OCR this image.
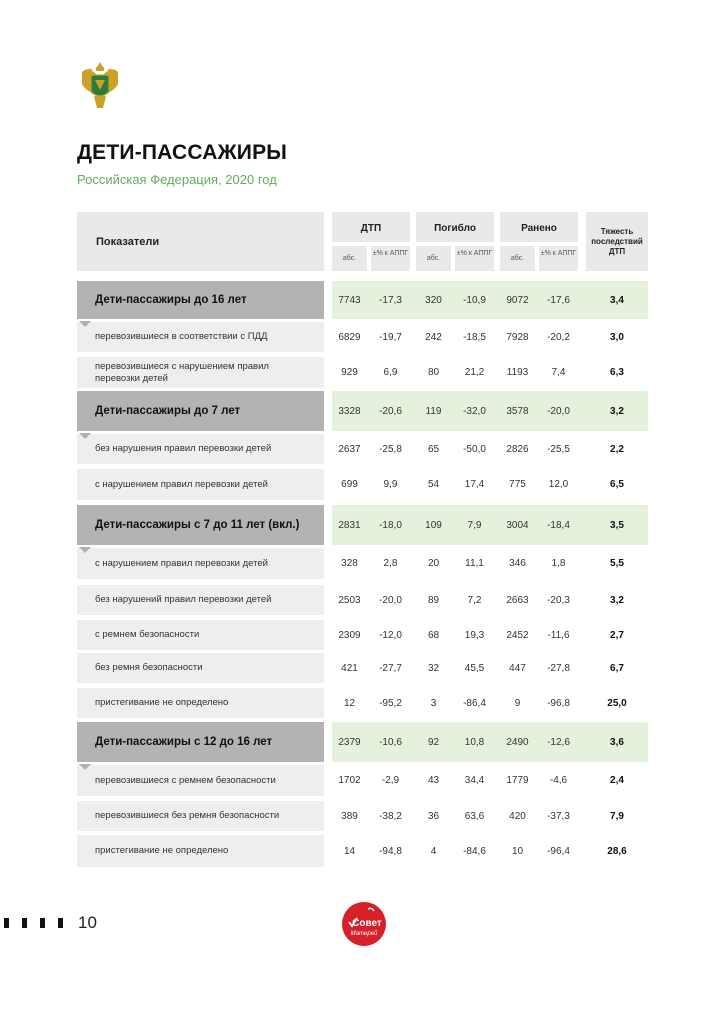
ДЕТИ-ПАССАЖИРЫ
Российская Федерация, 2020 год
Показатели
ДТП
абс.
±% к АППГ
Погибло
абс.
±% к АППГ
Ранено
абс.
±% к АППГ
Тяжесть последствий ДТП
Дети-пассажиры до 16 лет	7743	-17,3	320	-10,9	9072	-17,6	3,4
перевозившиеся в соответствии с ПДД	6829	-19,7	242	-18,5	7928	-20,2	3,0
перевозившиеся с нарушением правил перевозки детей	929	6,9	80	21,2	1193	7,4	6,3
Дети-пассажиры до 7 лет	3328	-20,6	119	-32,0	3578	-20,0	3,2
без нарушения правил перевозки детей	2637	-25,8	65	-50,0	2826	-25,5	2,2
с нарушением правил перевозки детей	699	9,9	54	17,4	775	12,0	6,5
Дети-пассажиры с 7 до 11 лет (вкл.)	2831	-18,0	109	7,9	3004	-18,4	3,5
с нарушением правил перевозки детей	328	2,8	20	11,1	346	1,8	5,5
без нарушений правил перевозки детей	2503	-20,0	89	7,2	2663	-20,3	3,2
с ремнем безопасности	2309	-12,0	68	19,3	2452	-11,6	2,7
без ремня безопасности	421	-27,7	32	45,5	447	-27,8	6,7
пристегивание не определено	12	-95,2	3	-86,4	9	-96,8	25,0
Дети-пассажиры с 12 до 16 лет	2379	-10,6	92	10,8	2490	-12,6	3,6
перевозившиеся с ремнем безопасности	1702	-2,9	43	34,4	1779	-4,6	2,4
перевозившиеся без ремня безопасности	389	-38,2	36	63,6	420	-37,3	7,9
пристегивание не определено	14	-94,8	4	-84,6	10	-96,4	28,6
10	Совет
Матерей
